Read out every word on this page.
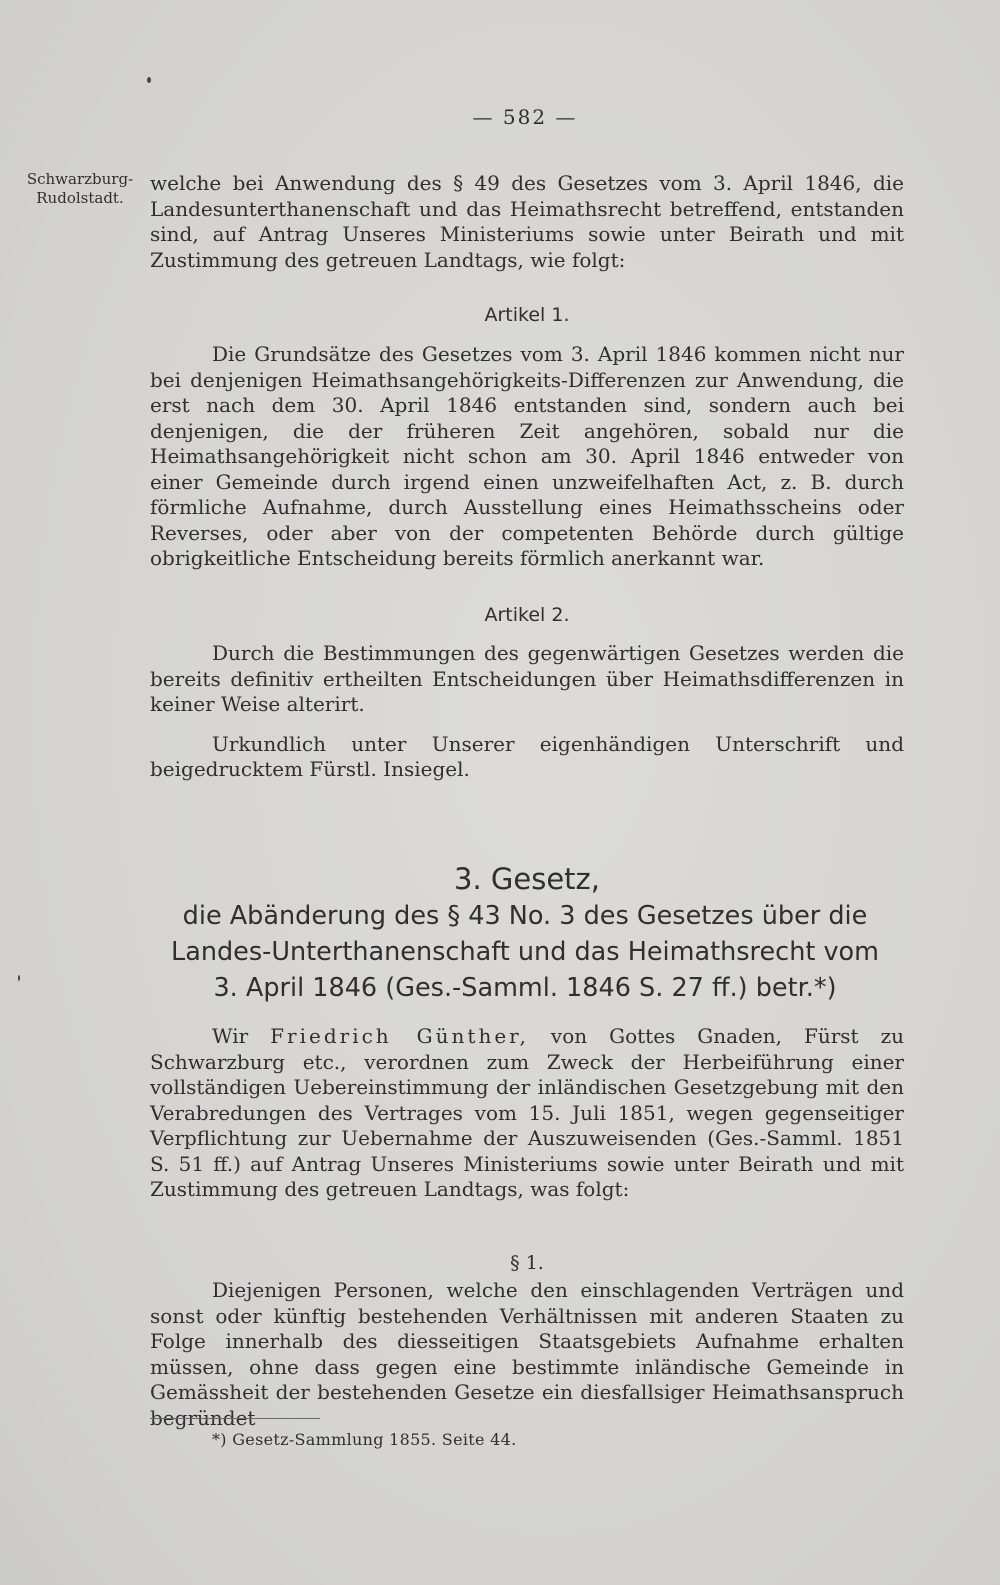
— 582 —
Schwarzburg-Rudolstadt.

welche bei Anwendung des § 49 des Gesetzes vom 3. April 1846, die Landesunterthanenschaft und das Heimathsrecht betreffend, entstanden sind, auf Antrag Unseres Ministeriums sowie unter Beirath und mit Zustimmung des getreuen Landtags, wie folgt:

Artikel 1.

Die Grundsätze des Gesetzes vom 3. April 1846 kommen nicht nur bei denjenigen Heimathsangehörigkeits-Differenzen zur Anwendung, die erst nach dem 30. April 1846 entstanden sind, sondern auch bei denjenigen, die der früheren Zeit angehören, sobald nur die Heimathsangehörigkeit nicht schon am 30. April 1846 entweder von einer Gemeinde durch irgend einen unzweifelhaften Act, z. B. durch förmliche Aufnahme, durch Ausstellung eines Heimathsscheins oder Reverses, oder aber von der competenten Behörde durch gültige obrigkeitliche Entscheidung bereits förmlich anerkannt war.

Artikel 2.

Durch die Bestimmungen des gegenwärtigen Gesetzes werden die bereits definitiv ertheilten Entscheidungen über Heimathsdifferenzen in keiner Weise alterirt.

Urkundlich unter Unserer eigenhändigen Unterschrift und beigedrucktem Fürstl. Insiegel.

3. Gesetz,
die Abänderung des § 43 No. 3 des Gesetzes über die
Landes-Unterthanenschaft und das Heimathsrecht vom
3. April 1846 (Ges.-Samml. 1846 S. 27 ff.) betr.*)

Wir Friedrich Günther, von Gottes Gnaden, Fürst zu Schwarzburg etc., verordnen zum Zweck der Herbeiführung einer vollständigen Uebereinstimmung der inländischen Gesetzgebung mit den Verabredungen des Vertrages vom 15. Juli 1851, wegen gegenseitiger Verpflichtung zur Uebernahme der Auszuweisenden (Ges.-Samml. 1851 S. 51 ff.) auf Antrag Unseres Ministeriums sowie unter Beirath und mit Zustimmung des getreuen Landtags, was folgt:

§ 1.

Diejenigen Personen, welche den einschlagenden Verträgen und sonst oder künftig bestehenden Verhältnissen mit anderen Staaten zu Folge innerhalb des diesseitigen Staatsgebiets Aufnahme erhalten müssen, ohne dass gegen eine bestimmte inländische Gemeinde in Gemässheit der bestehenden Gesetze ein diesfallsiger Heimathsanspruch begründet

*) Gesetz-Sammlung 1855. Seite 44.
